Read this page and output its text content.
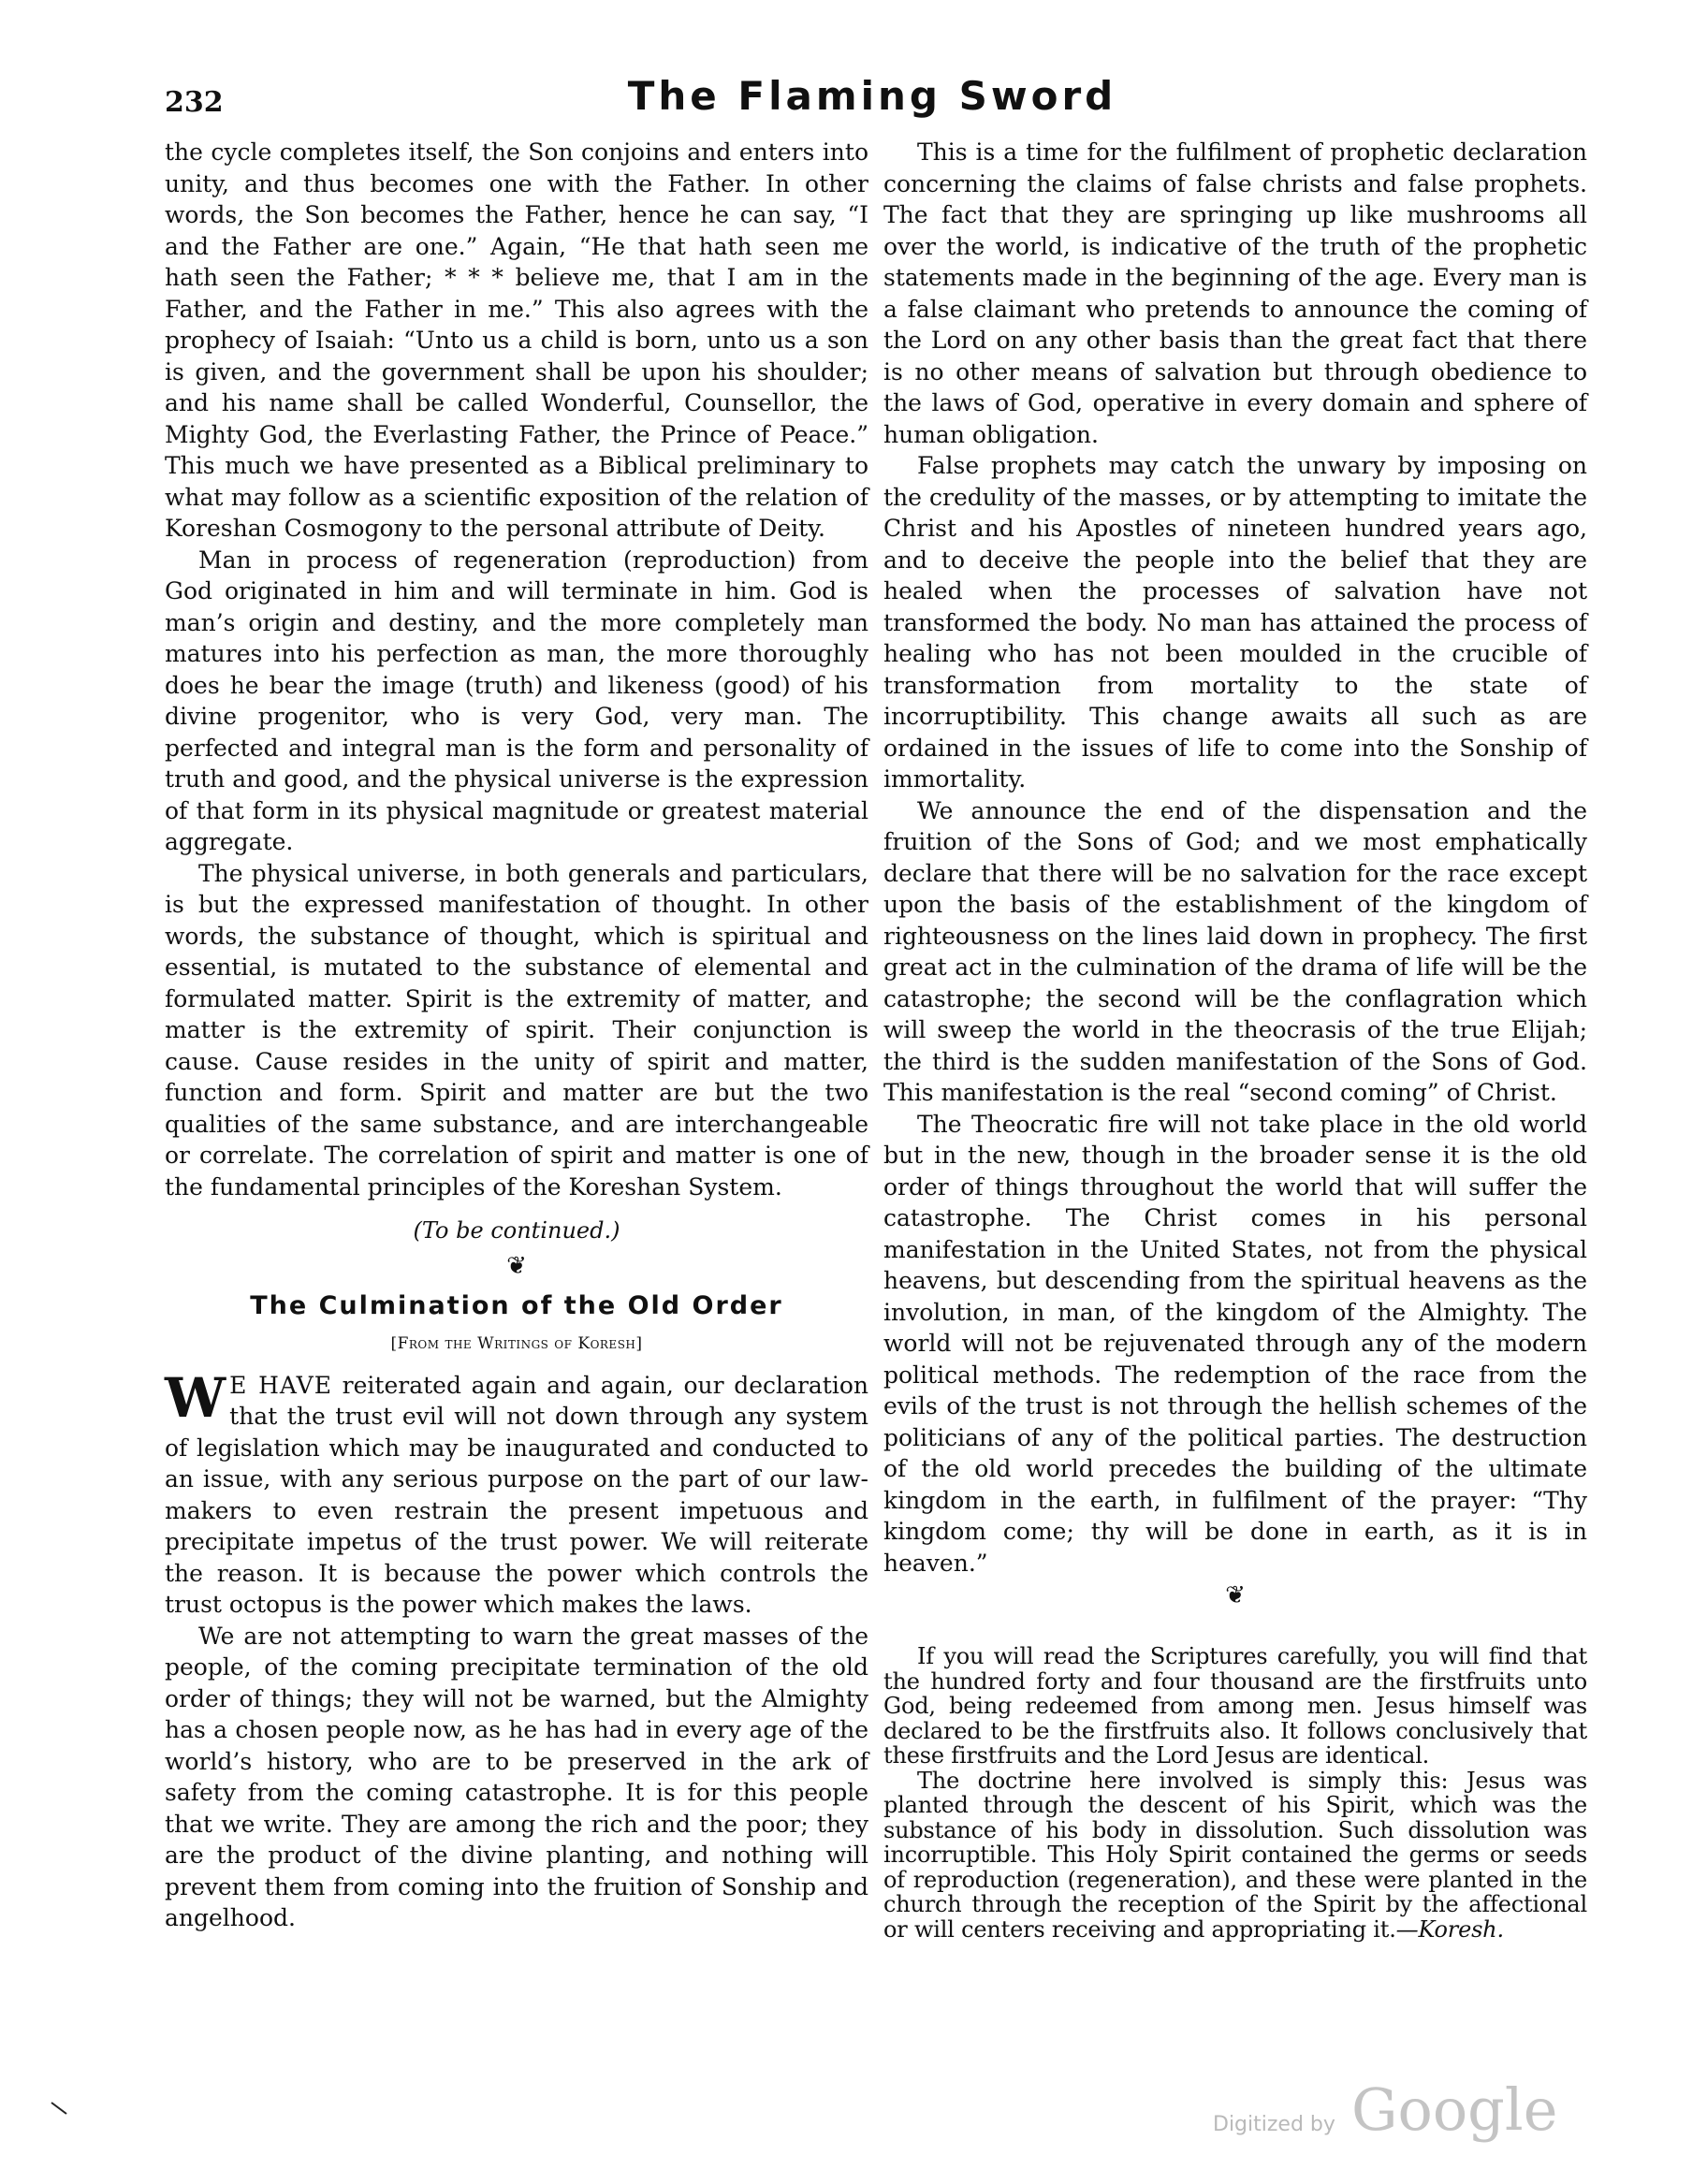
232	The Flaming Sword

the cycle completes itself, the Son conjoins and enters into unity, and thus becomes one with the Father. In other words, the Son becomes the Father, hence he can say, “I and the Father are one.” Again, “He that hath seen me hath seen the Father; * * * believe me, that I am in the Father, and the Father in me.” This also agrees with the prophecy of Isaiah: “Unto us a child is born, unto us a son is given, and the government shall be upon his shoulder; and his name shall be called Wonderful, Counsellor, the Mighty God, the Everlasting Father, the Prince of Peace.” This much we have presented as a Biblical preliminary to what may follow as a scientific exposition of the relation of Koreshan Cosmogony to the personal attribute of Deity.

Man in process of regeneration (reproduction) from God originated in him and will terminate in him. God is man’s origin and destiny, and the more completely man matures into his perfection as man, the more thoroughly does he bear the image (truth) and likeness (good) of his divine progenitor, who is very God, very man. The perfected and integral man is the form and personality of truth and good, and the physical universe is the expression of that form in its physical magnitude or greatest material aggregate.

The physical universe, in both generals and particulars, is but the expressed manifestation of thought. In other words, the substance of thought, which is spiritual and essential, is mutated to the substance of elemental and formulated matter. Spirit is the extremity of matter, and matter is the extremity of spirit. Their conjunction is cause. Cause resides in the unity of spirit and matter, function and form. Spirit and matter are but the two qualities of the same substance, and are interchangeable or correlate. The correlation of spirit and matter is one of the fundamental principles of the Koreshan System.

(To be continued.)
❦
The Culmination of the Old Order
[From the Writings of Koresh]

W E HAVE reiterated again and again, our declaration that the trust evil will not down through any system of legislation which may be inaugurated and conducted to an issue, with any serious purpose on the part of our law-makers to even restrain the present impetuous and precipitate impetus of the trust power. We will reiterate the reason. It is because the power which controls the trust octopus is the power which makes the laws.

We are not attempting to warn the great masses of the people, of the coming precipitate termination of the old order of things; they will not be warned, but the Almighty has a chosen people now, as he has had in every age of the world’s history, who are to be preserved in the ark of safety from the coming catastrophe. It is for this people that we write. They are among the rich and the poor; they are the product of the divine planting, and nothing will prevent them from coming into the fruition of Sonship and angelhood.

This is a time for the fulfilment of prophetic declaration concerning the claims of false christs and false prophets. The fact that they are springing up like mushrooms all over the world, is indicative of the truth of the prophetic statements made in the beginning of the age. Every man is a false claimant who pretends to announce the coming of the Lord on any other basis than the great fact that there is no other means of salvation but through obedience to the laws of God, operative in every domain and sphere of human obligation.

False prophets may catch the unwary by imposing on the credulity of the masses, or by attempting to imitate the Christ and his Apostles of nineteen hundred years ago, and to deceive the people into the belief that they are healed when the processes of salvation have not transformed the body. No man has attained the process of healing who has not been moulded in the crucible of transformation from mortality to the state of incorruptibility. This change awaits all such as are ordained in the issues of life to come into the Sonship of immortality.

We announce the end of the dispensation and the fruition of the Sons of God; and we most emphatically declare that there will be no salvation for the race except upon the basis of the establishment of the kingdom of righteousness on the lines laid down in prophecy. The first great act in the culmination of the drama of life will be the catastrophe; the second will be the conflagration which will sweep the world in the theocrasis of the true Elijah; the third is the sudden manifestation of the Sons of God. This manifestation is the real “second coming” of Christ.

The Theocratic fire will not take place in the old world but in the new, though in the broader sense it is the old order of things throughout the world that will suffer the catastrophe. The Christ comes in his personal manifestation in the United States, not from the physical heavens, but descending from the spiritual heavens as the involution, in man, of the kingdom of the Almighty. The world will not be rejuvenated through any of the modern political methods. The redemption of the race from the evils of the trust is not through the hellish schemes of the politicians of any of the political parties. The destruction of the old world precedes the building of the ultimate kingdom in the earth, in fulfilment of the prayer: “Thy kingdom come; thy will be done in earth, as it is in heaven.”

❦

If you will read the Scriptures carefully, you will find that the hundred forty and four thousand are the firstfruits unto God, being redeemed from among men. Jesus himself was declared to be the firstfruits also. It follows conclusively that these firstfruits and the Lord Jesus are identical.

The doctrine here involved is simply this: Jesus was planted through the descent of his Spirit, which was the substance of his body in dissolution. Such dissolution was incorruptible. This Holy Spirit contained the germs or seeds of reproduction (regeneration), and these were planted in the church through the reception of the Spirit by the affectional or will centers receiving and appropriating it.—Koresh.

Digitized by Google
